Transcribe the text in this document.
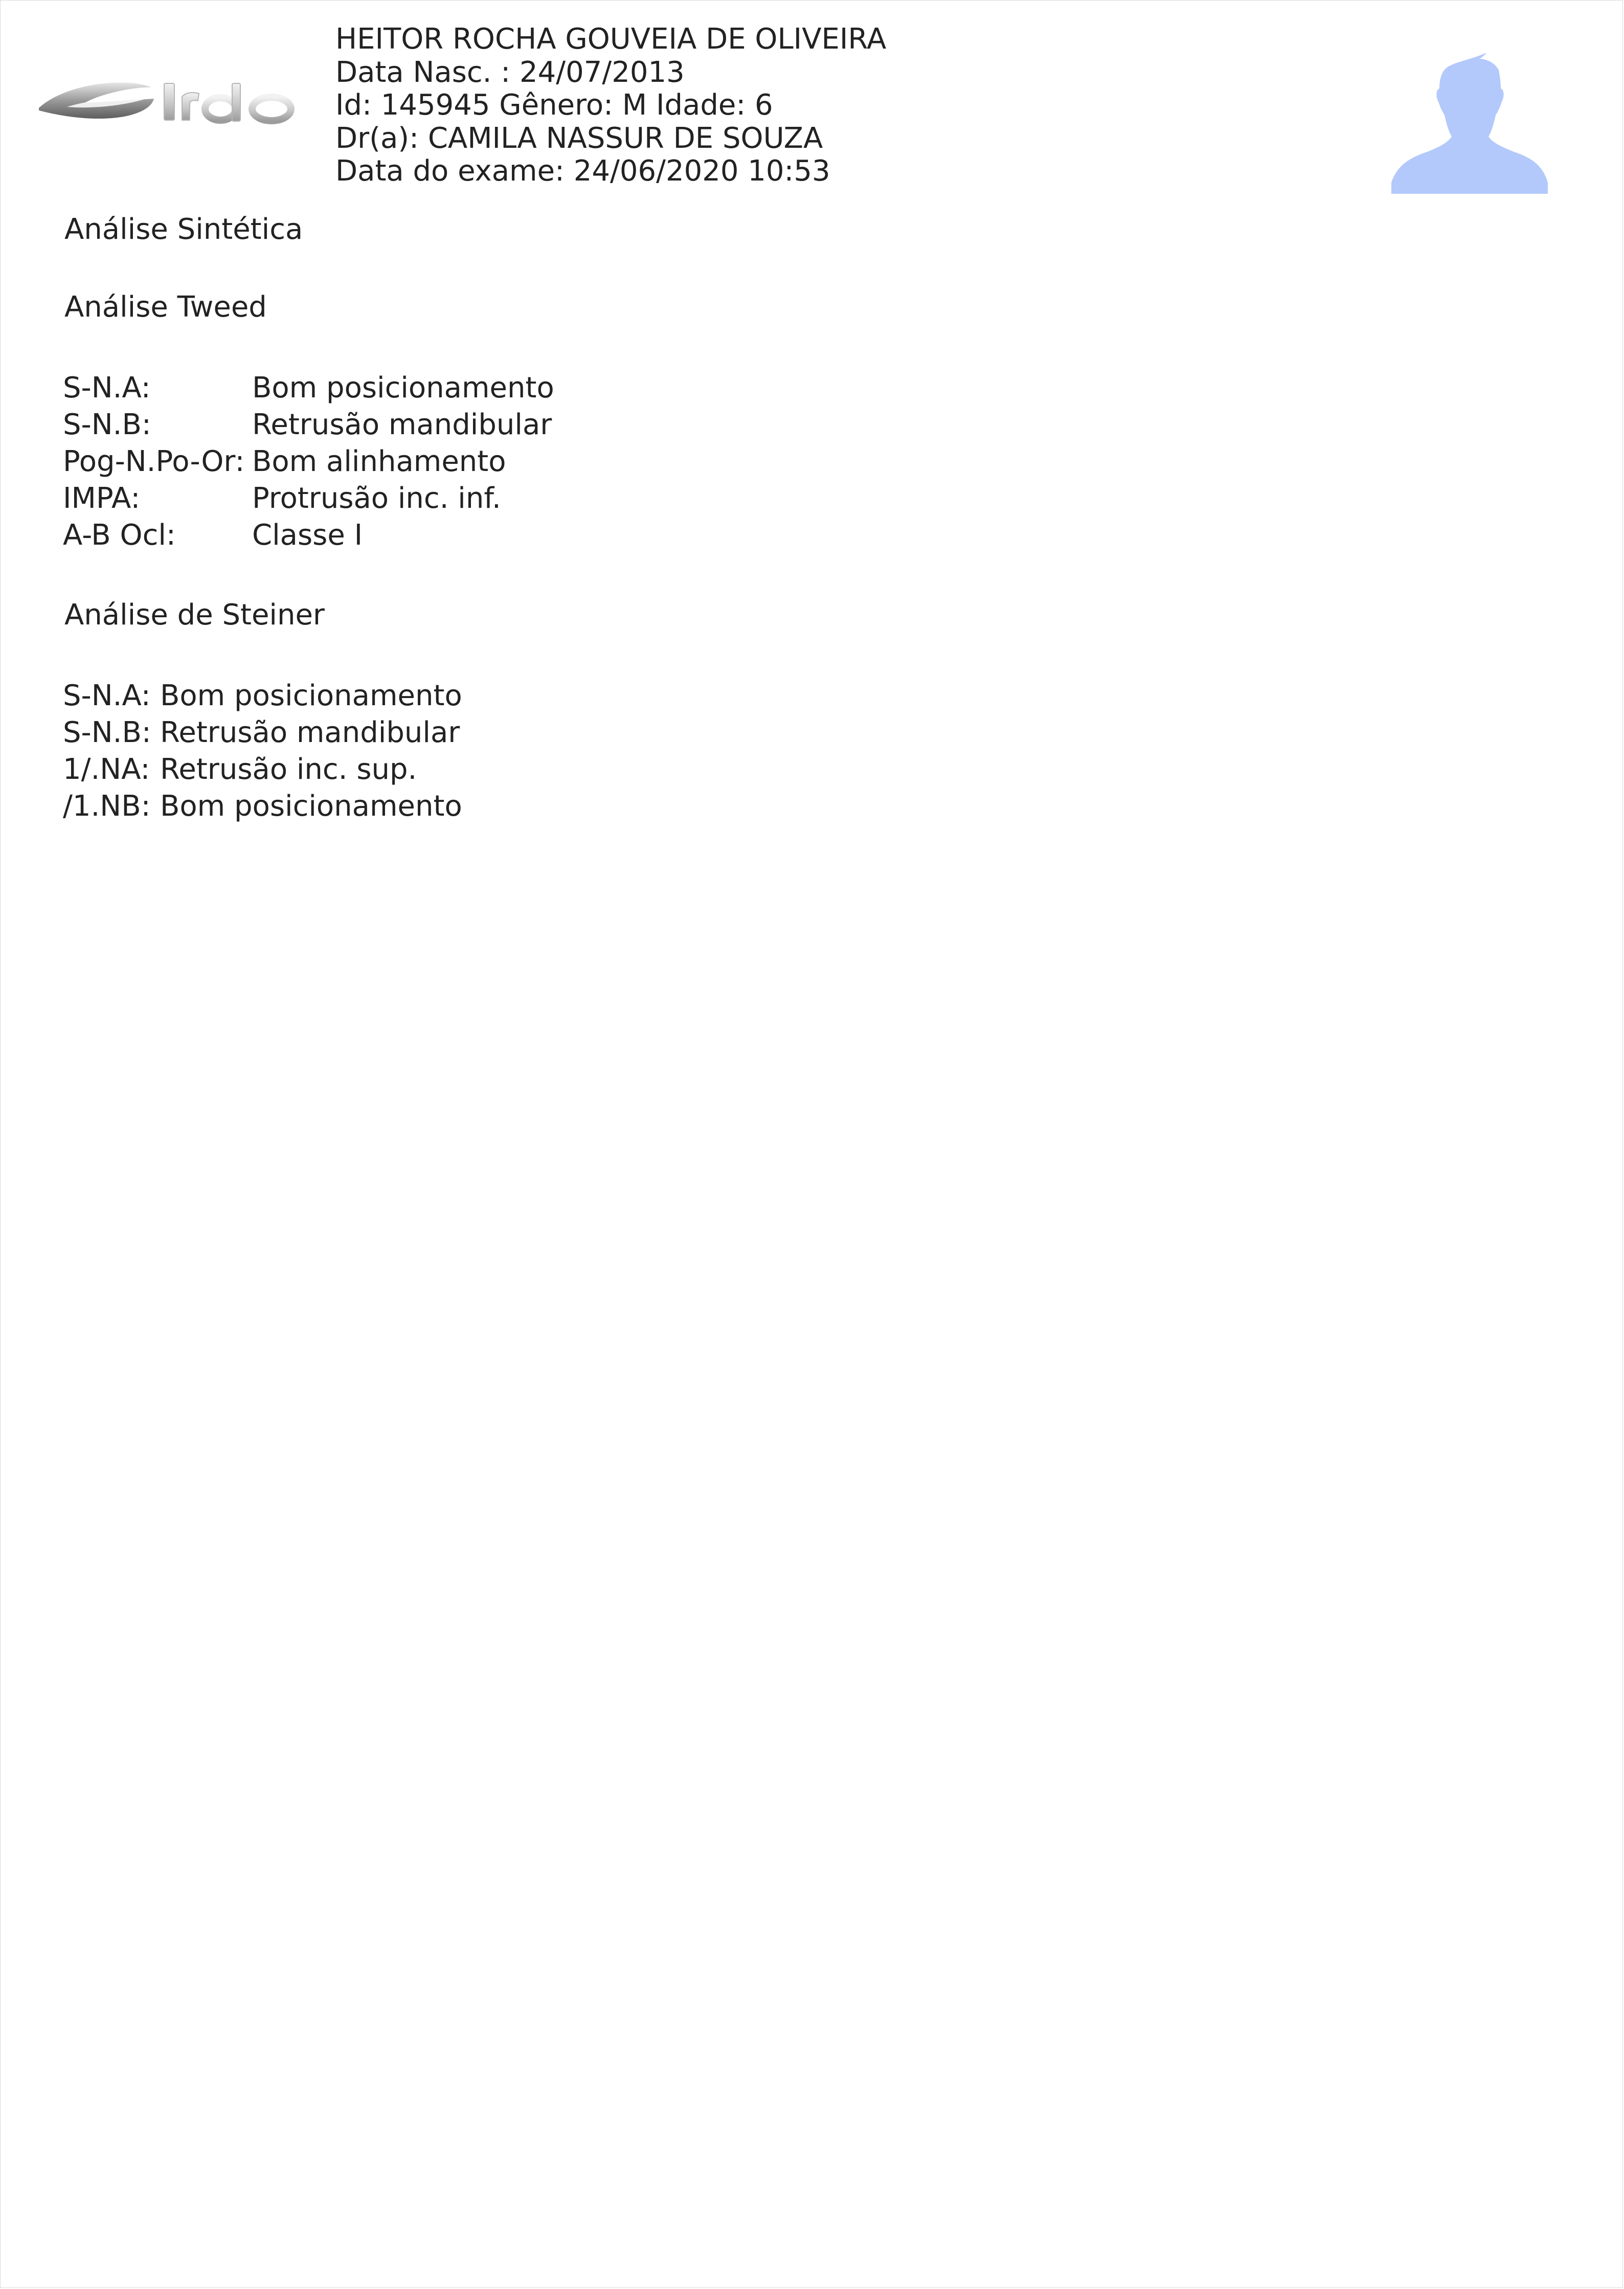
HEITOR ROCHA GOUVEIA DE OLIVEIRA
Data Nasc. : 24/07/2013
Id: 145945 Gênero: M Idade: 6
Dr(a): CAMILA NASSUR DE SOUZA
Data do exame: 24/06/2020 10:53
Análise Sintética
Análise Tweed
S-N.A:	Bom posicionamento
S-N.B:	Retrusão mandibular
Pog-N.Po-Or:	Bom alinhamento
IMPA:	Protrusão inc. inf.
A-B Ocl:	Classe I
Análise de Steiner
S-N.A:	Bom posicionamento
S-N.B:	Retrusão mandibular
1/.NA:	Retrusão inc. sup.
/1.NB:	Bom posicionamento
